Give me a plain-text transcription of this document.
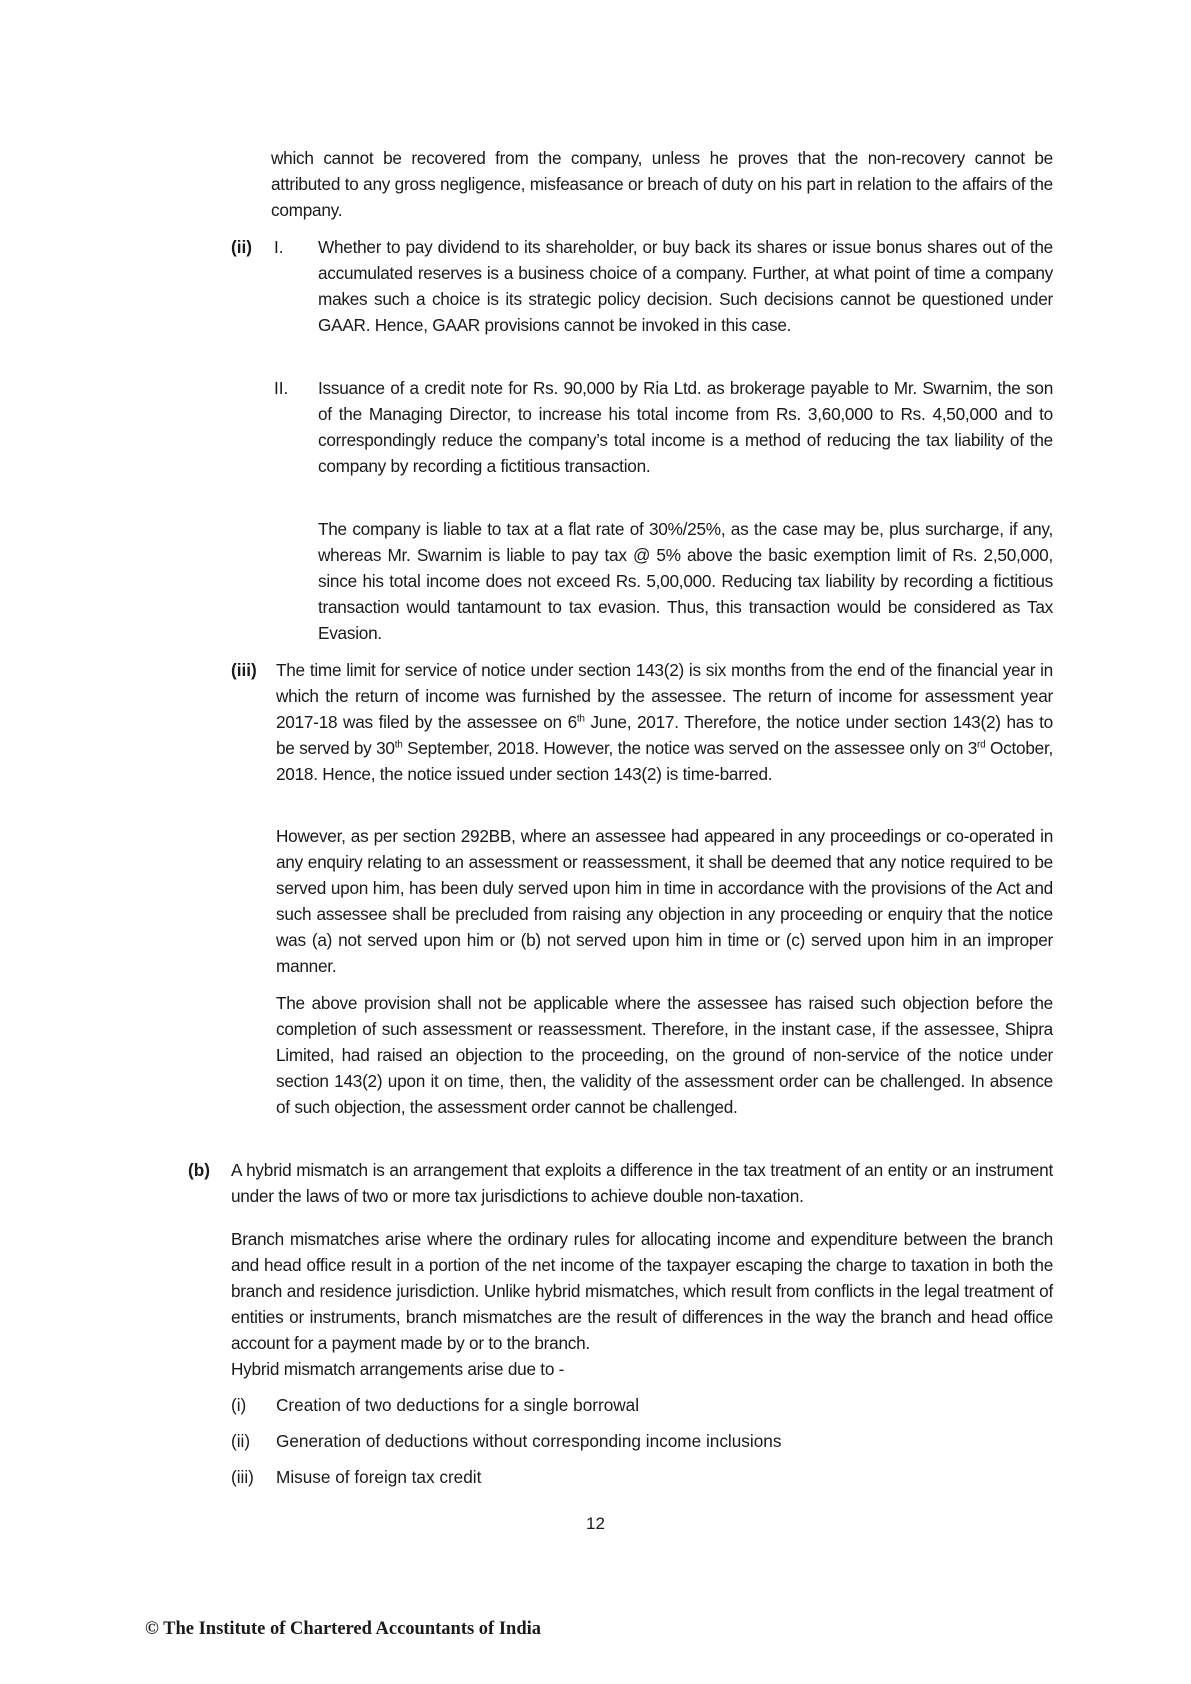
which cannot be recovered from the company, unless he proves that the non-recovery cannot be attributed to any gross negligence, misfeasance or breach of duty on his part in relation to the affairs of the company.

(ii) I. Whether to pay dividend to its shareholder, or buy back its shares or issue bonus shares out of the accumulated reserves is a business choice of a company. Further, at what point of time a company makes such a choice is its strategic policy decision. Such decisions cannot be questioned under GAAR. Hence, GAAR provisions cannot be invoked in this case.

II. Issuance of a credit note for Rs. 90,000 by Ria Ltd. as brokerage payable to Mr. Swarnim, the son of the Managing Director, to increase his total income from Rs. 3,60,000 to Rs. 4,50,000 and to correspondingly reduce the company’s total income is a method of reducing the tax liability of the company by recording a fictitious transaction.

The company is liable to tax at a flat rate of 30%/25%, as the case may be, plus surcharge, if any, whereas Mr. Swarnim is liable to pay tax @ 5% above the basic exemption limit of Rs. 2,50,000, since his total income does not exceed Rs. 5,00,000. Reducing tax liability by recording a fictitious transaction would tantamount to tax evasion. Thus, this transaction would be considered as Tax Evasion.

(iii) The time limit for service of notice under section 143(2) is six months from the end of the financial year in which the return of income was furnished by the assessee. The return of income for assessment year 2017-18 was filed by the assessee on 6th June, 2017. Therefore, the notice under section 143(2) has to be served by 30th September, 2018. However, the notice was served on the assessee only on 3rd October, 2018. Hence, the notice issued under section 143(2) is time-barred.

However, as per section 292BB, where an assessee had appeared in any proceedings or co-operated in any enquiry relating to an assessment or reassessment, it shall be deemed that any notice required to be served upon him, has been duly served upon him in time in accordance with the provisions of the Act and such assessee shall be precluded from raising any objection in any proceeding or enquiry that the notice was (a) not served upon him or (b) not served upon him in time or (c) served upon him in an improper manner.

The above provision shall not be applicable where the assessee has raised such objection before the completion of such assessment or reassessment. Therefore, in the instant case, if the assessee, Shipra Limited, had raised an objection to the proceeding, on the ground of non-service of the notice under section 143(2) upon it on time, then, the validity of the assessment order can be challenged. In absence of such objection, the assessment order cannot be challenged.

(b) A hybrid mismatch is an arrangement that exploits a difference in the tax treatment of an entity or an instrument under the laws of two or more tax jurisdictions to achieve double non-taxation.

Branch mismatches arise where the ordinary rules for allocating income and expenditure between the branch and head office result in a portion of the net income of the taxpayer escaping the charge to taxation in both the branch and residence jurisdiction. Unlike hybrid mismatches, which result from conflicts in the legal treatment of entities or instruments, branch mismatches are the result of differences in the way the branch and head office account for a payment made by or to the branch.

Hybrid mismatch arrangements arise due to -

(i) Creation of two deductions for a single borrowal
(ii) Generation of deductions without corresponding income inclusions
(iii) Misuse of foreign tax credit
12
© The Institute of Chartered Accountants of India
